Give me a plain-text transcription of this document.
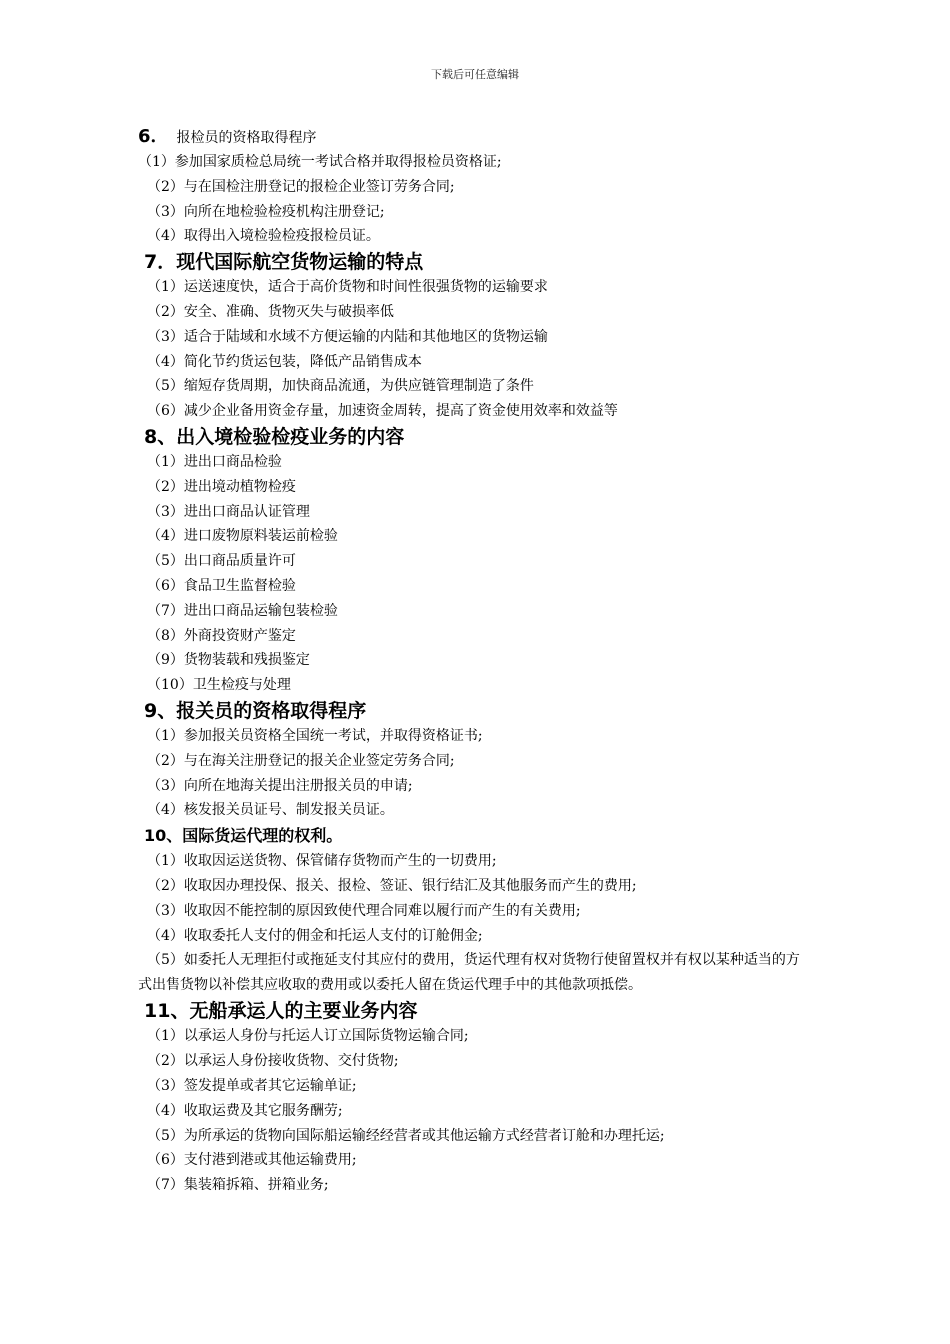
下载后可任意编辑
6． 报检员的资格取得程序
（1）参加国家质检总局统一考试合格并取得报检员资格证;
（2）与在国检注册登记的报检企业签订劳务合同;
（3）向所在地检验检疫机构注册登记;
（4）取得出入境检验检疫报检员证。
7．现代国际航空货物运输的特点
（1）运送速度快，适合于高价货物和时间性很强货物的运输要求
（2）安全、准确、货物灭失与破损率低
（3）适合于陆域和水域不方便运输的内陆和其他地区的货物运输
（4）简化节约货运包装，降低产品销售成本
（5）缩短存货周期，加快商品流通，为供应链管理制造了条件
（6）减少企业备用资金存量，加速资金周转，提高了资金使用效率和效益等
8、出入境检验检疫业务的内容
（1）进出口商品检验
（2）进出境动植物检疫
（3）进出口商品认证管理
（4）进口废物原料装运前检验
（5）出口商品质量许可
（6）食品卫生监督检验
（7）进出口商品运输包装检验
（8）外商投资财产鉴定
（9）货物装载和残损鉴定
（10）卫生检疫与处理
9、报关员的资格取得程序
（1）参加报关员资格全国统一考试，并取得资格证书;
（2）与在海关注册登记的报关企业签定劳务合同;
（3）向所在地海关提出注册报关员的申请;
（4）核发报关员证号、制发报关员证。
10、国际货运代理的权利。
（1）收取因运送货物、保管储存货物而产生的一切费用;
（2）收取因办理投保、报关、报检、签证、银行结汇及其他服务而产生的费用;
（3）收取因不能控制的原因致使代理合同难以履行而产生的有关费用;
（4）收取委托人支付的佣金和托运人支付的订舱佣金;
（5）如委托人无理拒付或拖延支付其应付的费用，货运代理有权对货物行使留置权并有权以某种适当的方式出售货物以补偿其应收取的费用或以委托人留在货运代理手中的其他款项抵偿。
11、无船承运人的主要业务内容
（1）以承运人身份与托运人订立国际货物运输合同;
（2）以承运人身份接收货物、交付货物;
（3）签发提单或者其它运输单证;
（4）收取运费及其它服务酬劳;
（5）为所承运的货物向国际船运输经经营者或其他运输方式经营者订舱和办理托运;
（6）支付港到港或其他运输费用;
（7）集装箱拆箱、拼箱业务;
